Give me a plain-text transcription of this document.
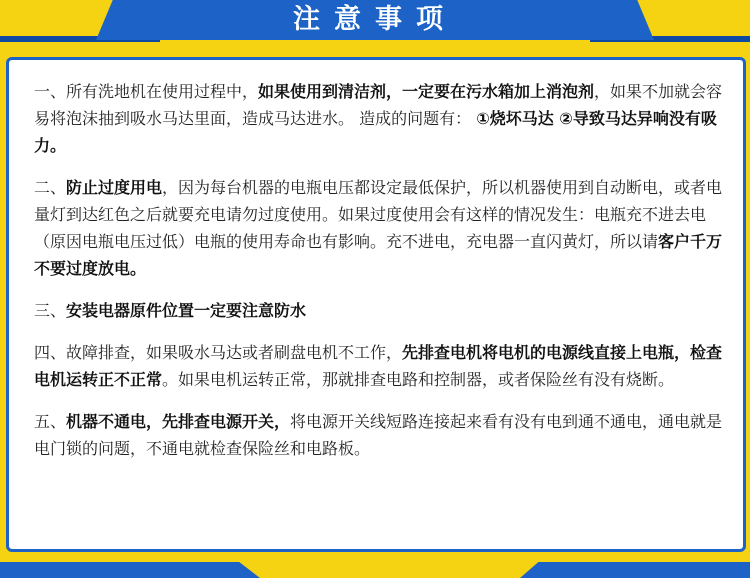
注意事项

一、所有洗地机在使用过程中，如果使用到清洁剂，一定要在污水箱加上消泡剂，如果不加就会容易将泡沫抽到吸水马达里面，造成马达进水。 造成的问题有： ①烧坏马达 ②导致马达异响没有吸力。

二、防止过度用电，因为每台机器的电瓶电压都设定最低保护，所以机器使用到自动断电，或者电量灯到达红色之后就要充电请勿过度使用。如果过度使用会有这样的情况发生：电瓶充不进去电（原因电瓶电压过低）电瓶的使用寿命也有影响。充不进电，充电器一直闪黄灯，所以请客户千万不要过度放电。

三、安装电器原件位置一定要注意防水

四、故障排查，如果吸水马达或者刷盘电机不工作，先排查电机将电机的电源线直接上电瓶，检查电机运转正不正常。如果电机运转正常，那就排查电路和控制器，或者保险丝有没有烧断。

五、机器不通电，先排查电源开关，将电源开关线短路连接起来看有没有电到通不通电，通电就是电门锁的问题，不通电就检查保险丝和电路板。
